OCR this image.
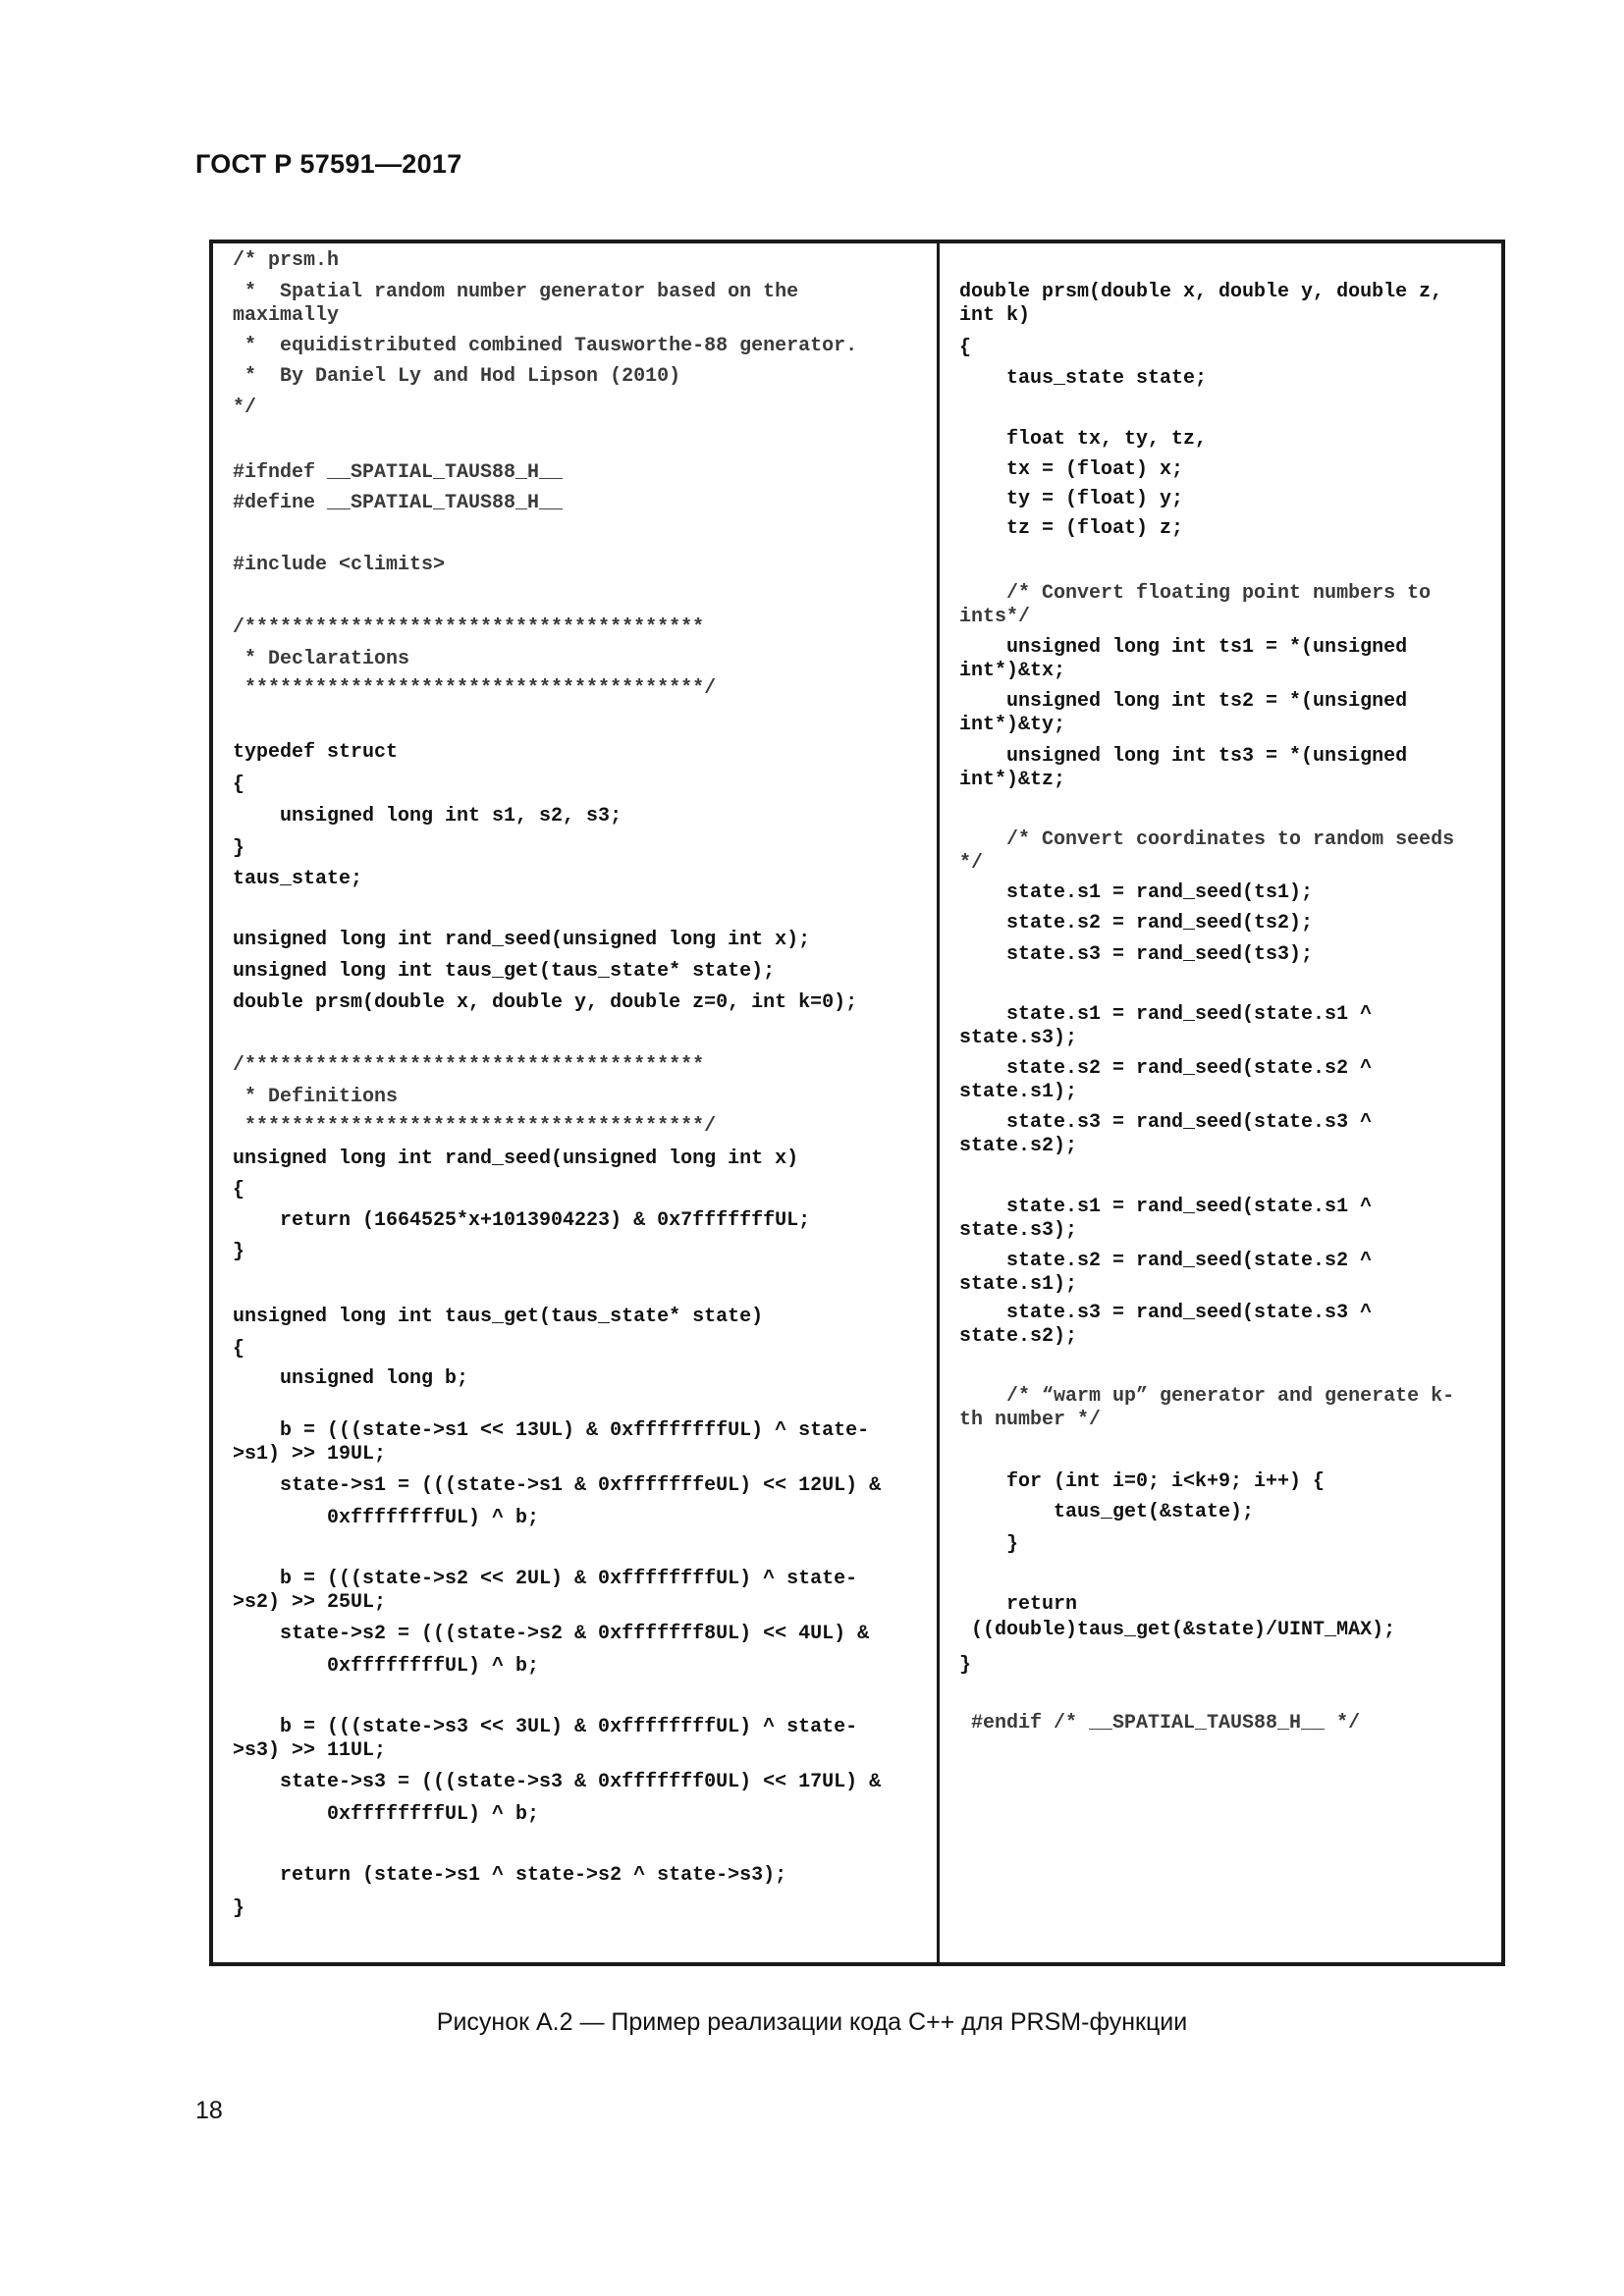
ГОСТ Р 57591—2017
/* prsm.h
*  Spatial random number generator based on the
maximally
*  equidistributed combined Tausworthe-88 generator.
*  By Daniel Ly and Hod Lipson (2010)
*/
#ifndef __SPATIAL_TAUS88_H__
#define __SPATIAL_TAUS88_H__
#include <climits>
/***************************************
* Declarations
***************************************/
typedef struct
{
unsigned long int s1, s2, s3;
}
taus_state;
unsigned long int rand_seed(unsigned long int x);
unsigned long int taus_get(taus_state* state);
double prsm(double x, double y, double z=0, int k=0);
/***************************************
* Definitions
***************************************/
unsigned long int rand_seed(unsigned long int x)
{
return (1664525*x+1013904223) & 0x7fffffffUL;
}
unsigned long int taus_get(taus_state* state)
{
unsigned long b;
b = (((state->s1 << 13UL) & 0xffffffffUL) ^ state-
>s1) >> 19UL;
state->s1 = (((state->s1 & 0xfffffffeUL) << 12UL) &
0xffffffffUL) ^ b;
b = (((state->s2 << 2UL) & 0xffffffffUL) ^ state-
>s2) >> 25UL;
state->s2 = (((state->s2 & 0xfffffff8UL) << 4UL) &
0xffffffffUL) ^ b;
b = (((state->s3 << 3UL) & 0xffffffffUL) ^ state-
>s3) >> 11UL;
state->s3 = (((state->s3 & 0xfffffff0UL) << 17UL) &
0xffffffffUL) ^ b;
return (state->s1 ^ state->s2 ^ state->s3);
}
double prsm(double x, double y, double z,
int k)
{
taus_state state;
float tx, ty, tz,
tx = (float) x;
ty = (float) y;
tz = (float) z;
/* Convert floating point numbers to
ints*/
unsigned long int ts1 = *(unsigned
int*)&tx;
unsigned long int ts2 = *(unsigned
int*)&ty;
unsigned long int ts3 = *(unsigned
int*)&tz;
/* Convert coordinates to random seeds
*/
state.s1 = rand_seed(ts1);
state.s2 = rand_seed(ts2);
state.s3 = rand_seed(ts3);
state.s1 = rand_seed(state.s1 ^
state.s3);
state.s2 = rand_seed(state.s2 ^
state.s1);
state.s3 = rand_seed(state.s3 ^
state.s2);
state.s1 = rand_seed(state.s1 ^
state.s3);
state.s2 = rand_seed(state.s2 ^
state.s1);
state.s3 = rand_seed(state.s3 ^
state.s2);
/* “warm up” generator and generate k-
th number */
for (int i=0; i<k+9; i++) {
taus_get(&state);
}
return
((double)taus_get(&state)/UINT_MAX);
}
#endif /* __SPATIAL_TAUS88_H__ */
Рисунок А.2 — Пример реализации кода С++ для PRSM-функции
18
